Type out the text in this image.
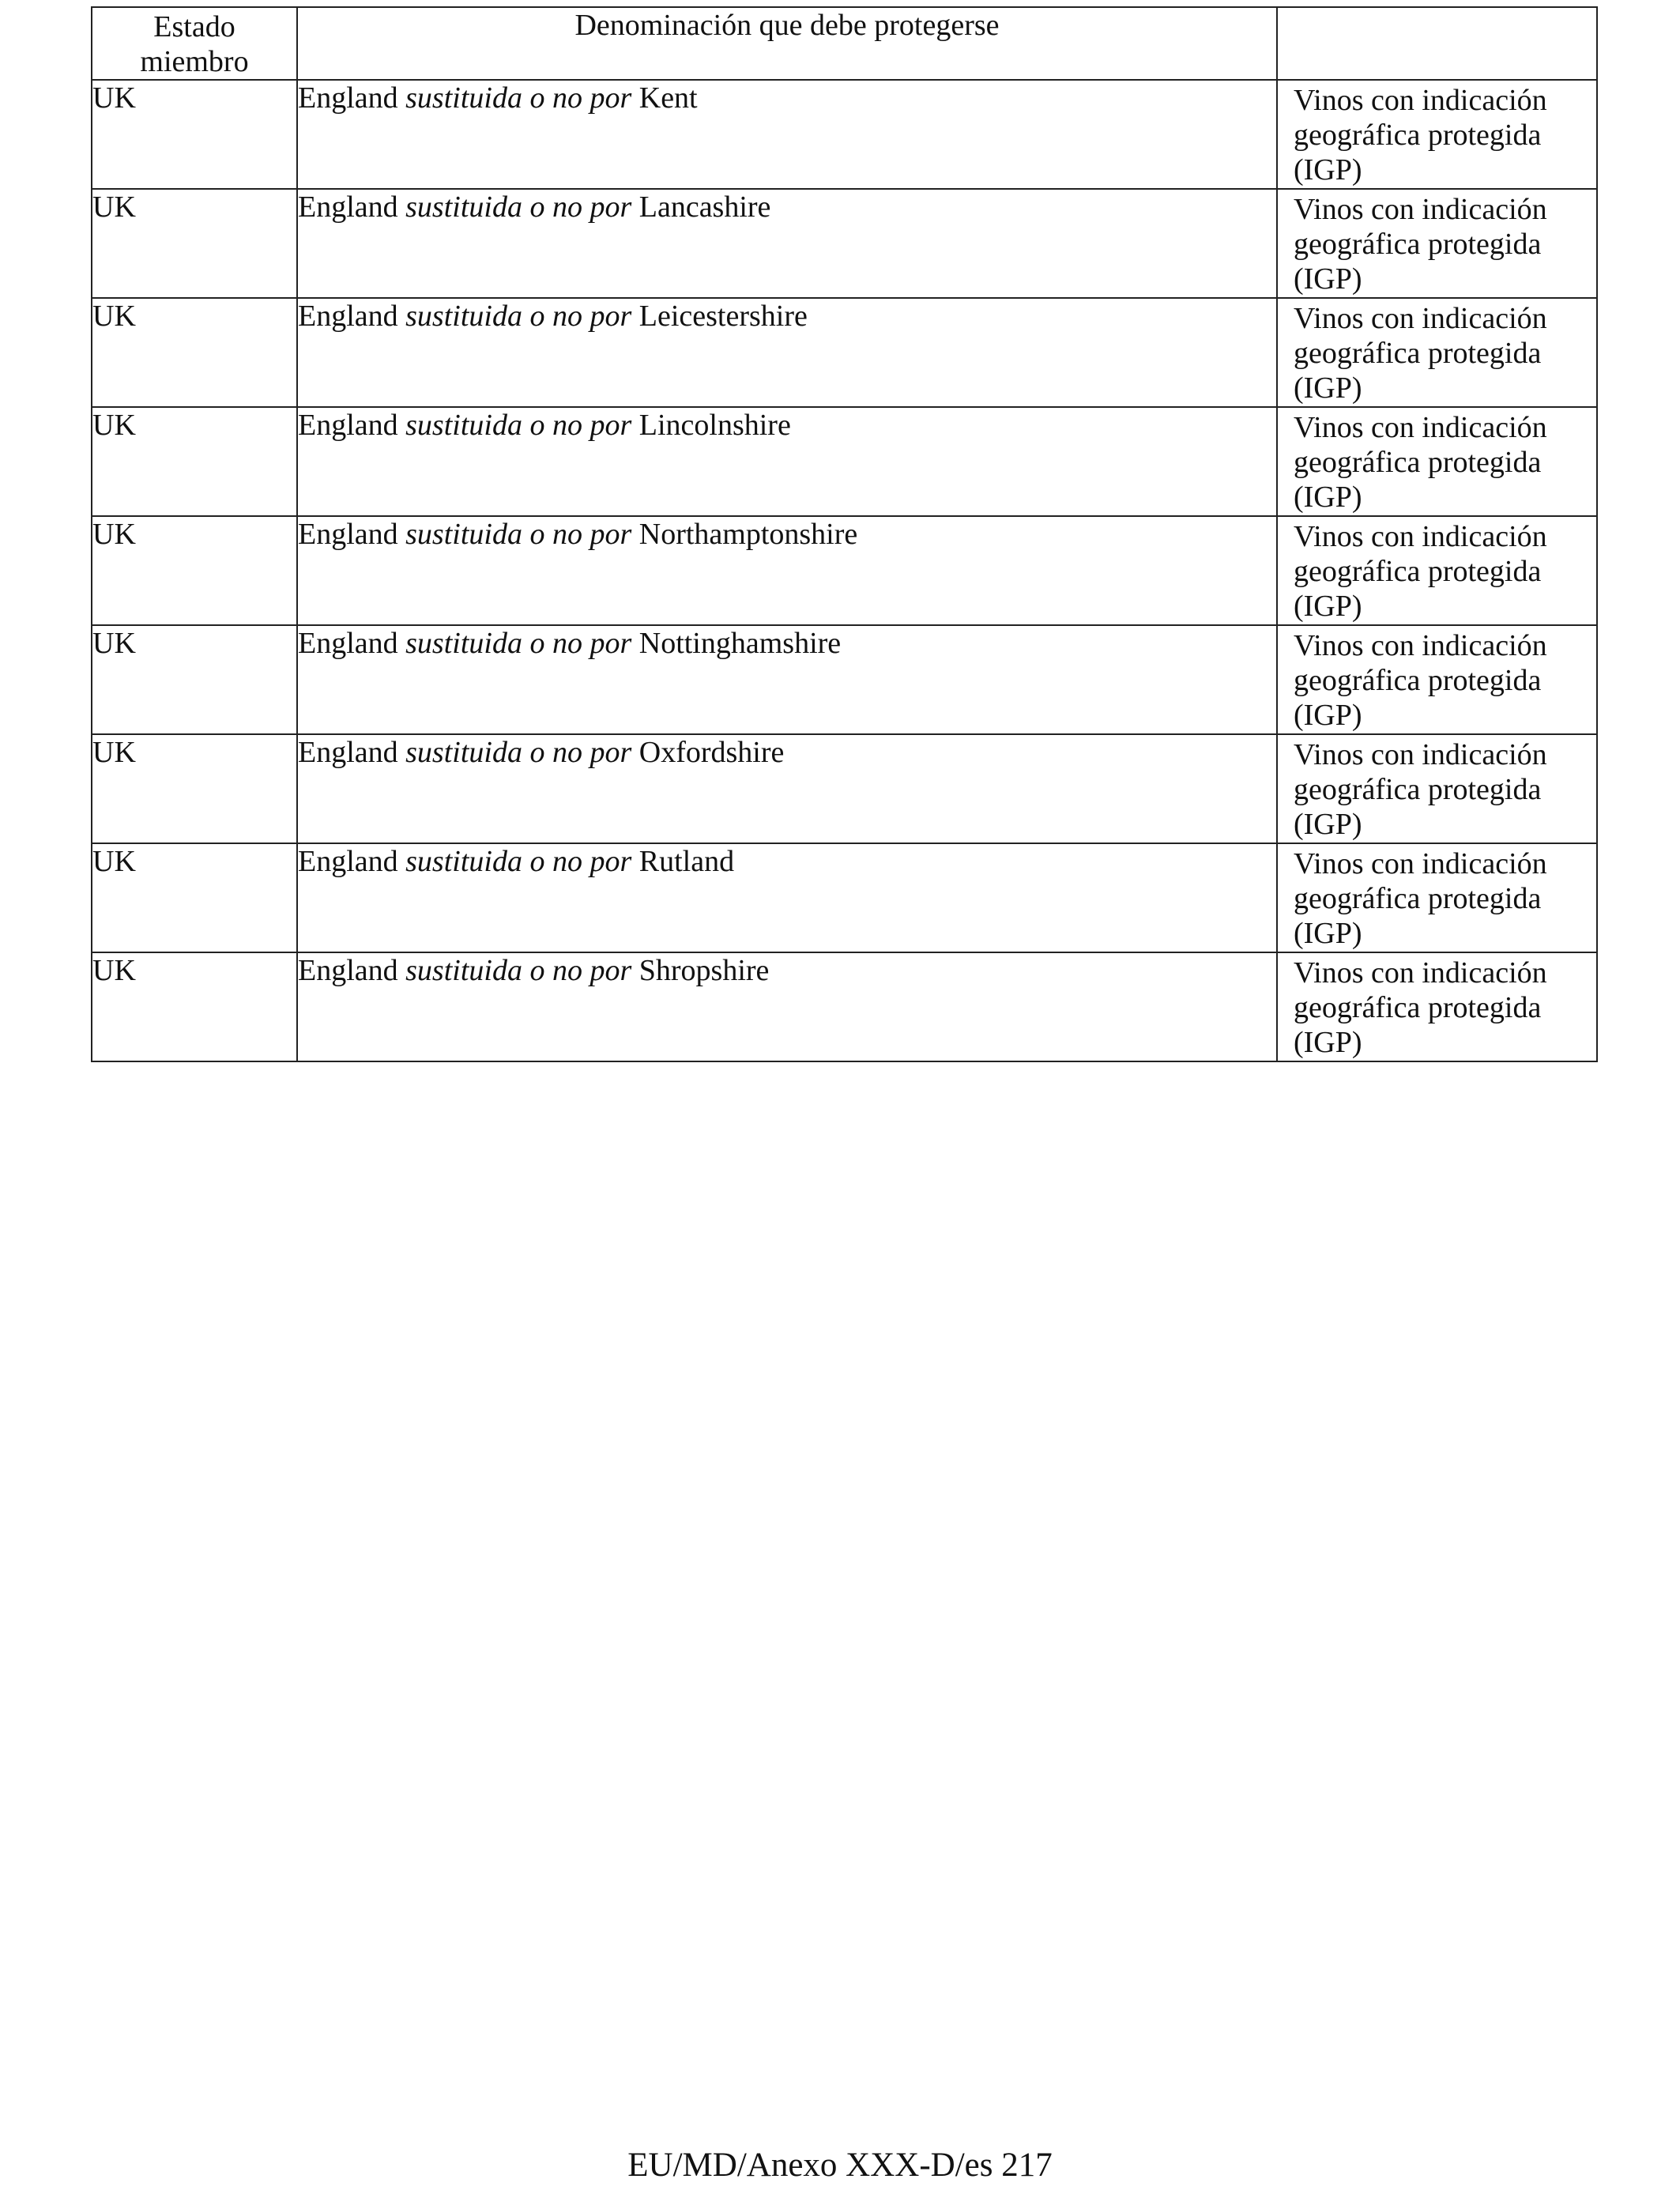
Estado
miembro	Denominación que debe protegerse	
UK	England sustituida o no por Kent	Vinos con indicación
geográfica protegida
(IGP)

UK	England sustituida o no por Lancashire	Vinos con indicación
geográfica protegida
(IGP)

UK	England sustituida o no por Leicestershire	Vinos con indicación
geográfica protegida
(IGP)

UK	England sustituida o no por Lincolnshire	Vinos con indicación
geográfica protegida
(IGP)

UK	England sustituida o no por Northamptonshire	Vinos con indicación
geográfica protegida
(IGP)

UK	England sustituida o no por Nottinghamshire	Vinos con indicación
geográfica protegida
(IGP)

UK	England sustituida o no por Oxfordshire	Vinos con indicación
geográfica protegida
(IGP)

UK	England sustituida o no por Rutland	Vinos con indicación
geográfica protegida
(IGP)

UK	England sustituida o no por Shropshire	Vinos con indicación
geográfica protegida
(IGP)
EU/MD/Anexo XXX-D/es 217
